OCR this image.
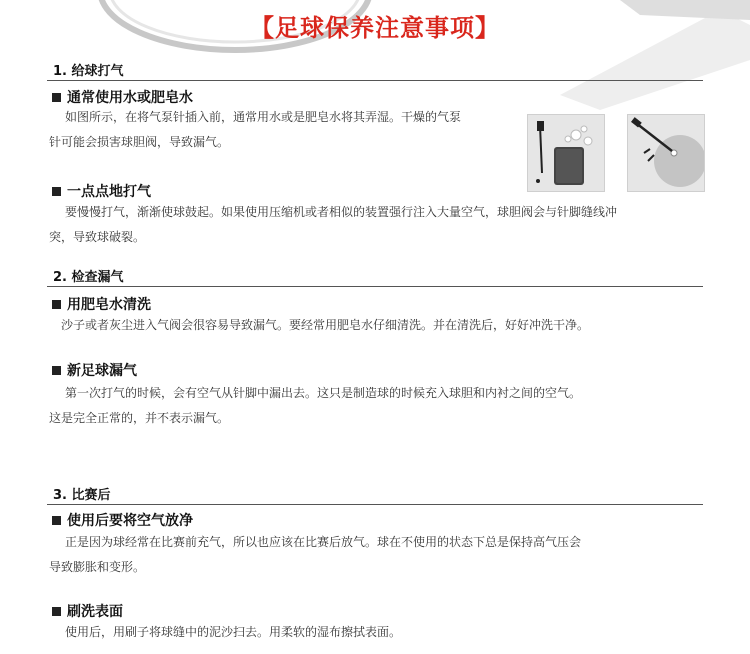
【足球保养注意事项】
1. 给球打气
通常使用水或肥皂水
如图所示，在将气泵针插入前，通常用水或是肥皂水将其弄湿。干燥的气泵
针可能会损害球胆阀，导致漏气。
一点点地打气
要慢慢打气，渐渐使球鼓起。如果使用压缩机或者相似的装置强行注入大量空气，球胆阀会与针脚缝线冲
突，导致球破裂。
2. 检查漏气
用肥皂水清洗
沙子或者灰尘进入气阀会很容易导致漏气。要经常用肥皂水仔细清洗。并在清洗后，好好冲洗干净。
新足球漏气
第一次打气的时候，会有空气从针脚中漏出去。这只是制造球的时候充入球胆和内衬之间的空气。
这是完全正常的，并不表示漏气。
3. 比赛后
使用后要将空气放净
正是因为球经常在比赛前充气，所以也应该在比赛后放气。球在不使用的状态下总是保持高气压会
导致膨胀和变形。
刷洗表面
使用后，用刷子将球缝中的泥沙扫去。用柔软的湿布擦拭表面。
